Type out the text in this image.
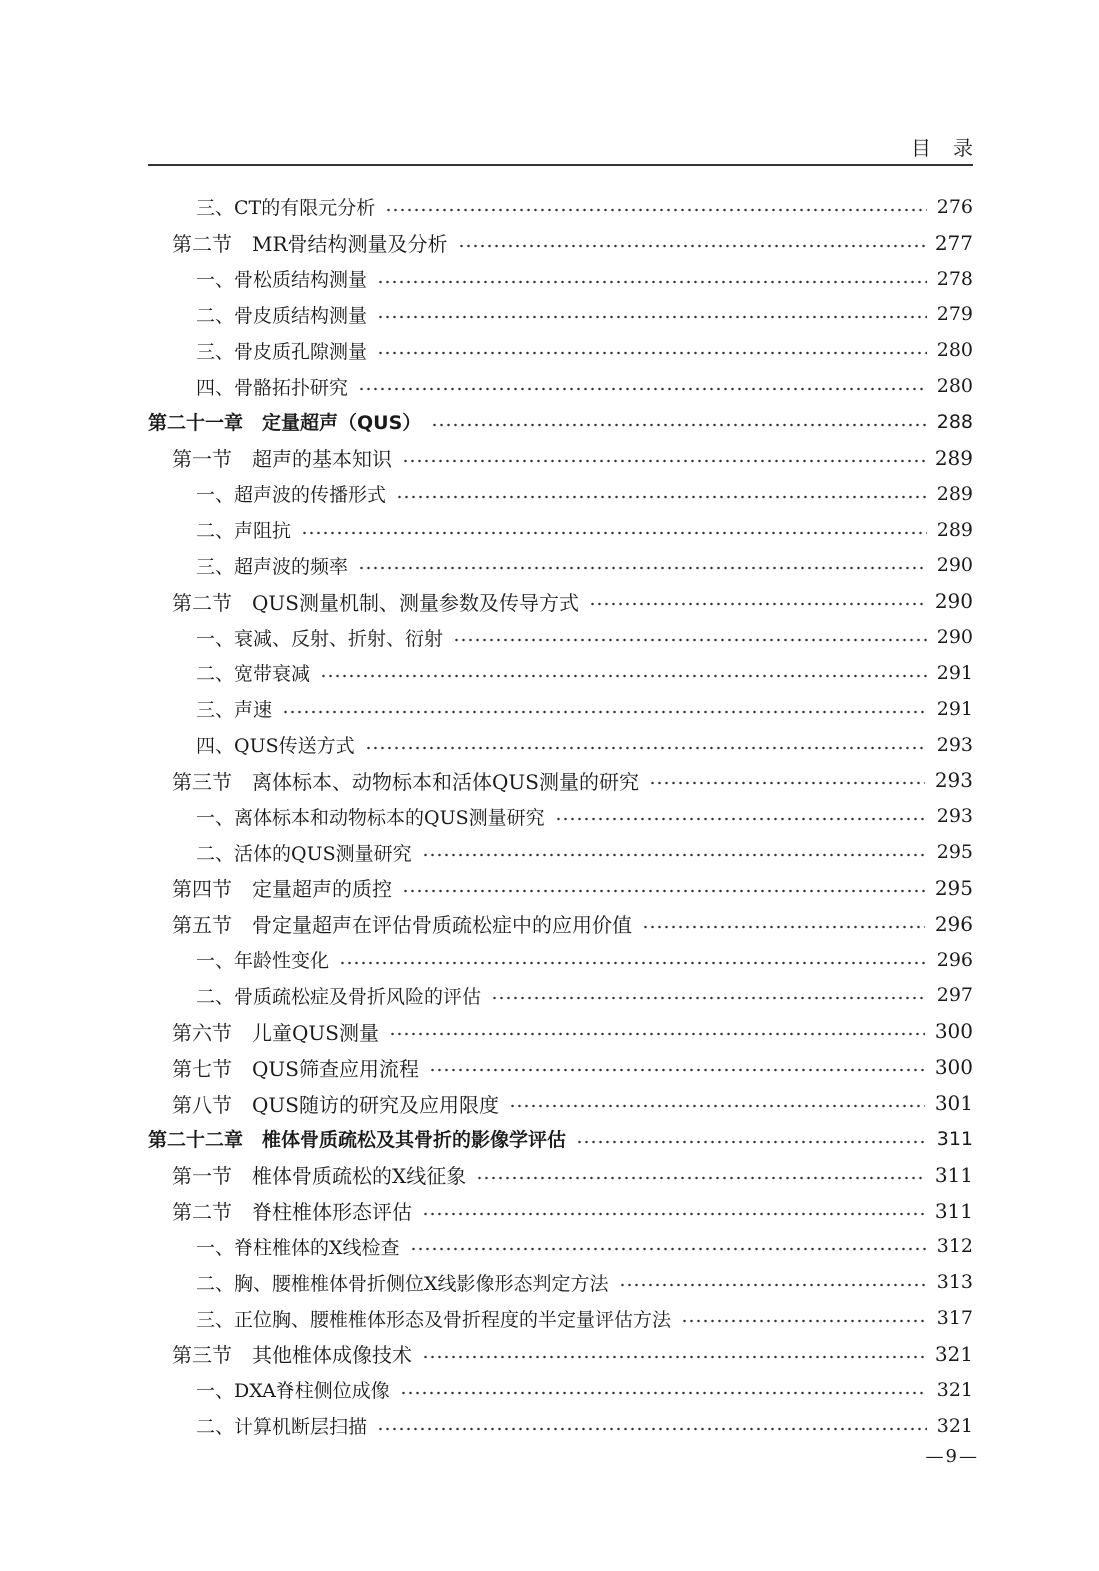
目录
三、CT的有限元分析	276
第二节　MR骨结构测量及分析	277
一、骨松质结构测量	278
二、骨皮质结构测量	279
三、骨皮质孔隙测量	280
四、骨骼拓扑研究	280
第二十一章　定量超声（QUS）	288
第一节　超声的基本知识	289
一、超声波的传播形式	289
二、声阻抗	289
三、超声波的频率	290
第二节　QUS测量机制、测量参数及传导方式	290
一、衰减、反射、折射、衍射	290
二、宽带衰减	291
三、声速	291
四、QUS传送方式	293
第三节　离体标本、动物标本和活体QUS测量的研究	293
一、离体标本和动物标本的QUS测量研究	293
二、活体的QUS测量研究	295
第四节　定量超声的质控	295
第五节　骨定量超声在评估骨质疏松症中的应用价值	296
一、年龄性变化	296
二、骨质疏松症及骨折风险的评估	297
第六节　儿童QUS测量	300
第七节　QUS筛查应用流程	300
第八节　QUS随访的研究及应用限度	301
第二十二章　椎体骨质疏松及其骨折的影像学评估	311
第一节　椎体骨质疏松的X线征象	311
第二节　脊柱椎体形态评估	311
一、脊柱椎体的X线检查	312
二、胸、腰椎椎体骨折侧位X线影像形态判定方法	313
三、正位胸、腰椎椎体形态及骨折程度的半定量评估方法	317
第三节　其他椎体成像技术	321
一、DXA脊柱侧位成像	321
二、计算机断层扫描	321
—9—
